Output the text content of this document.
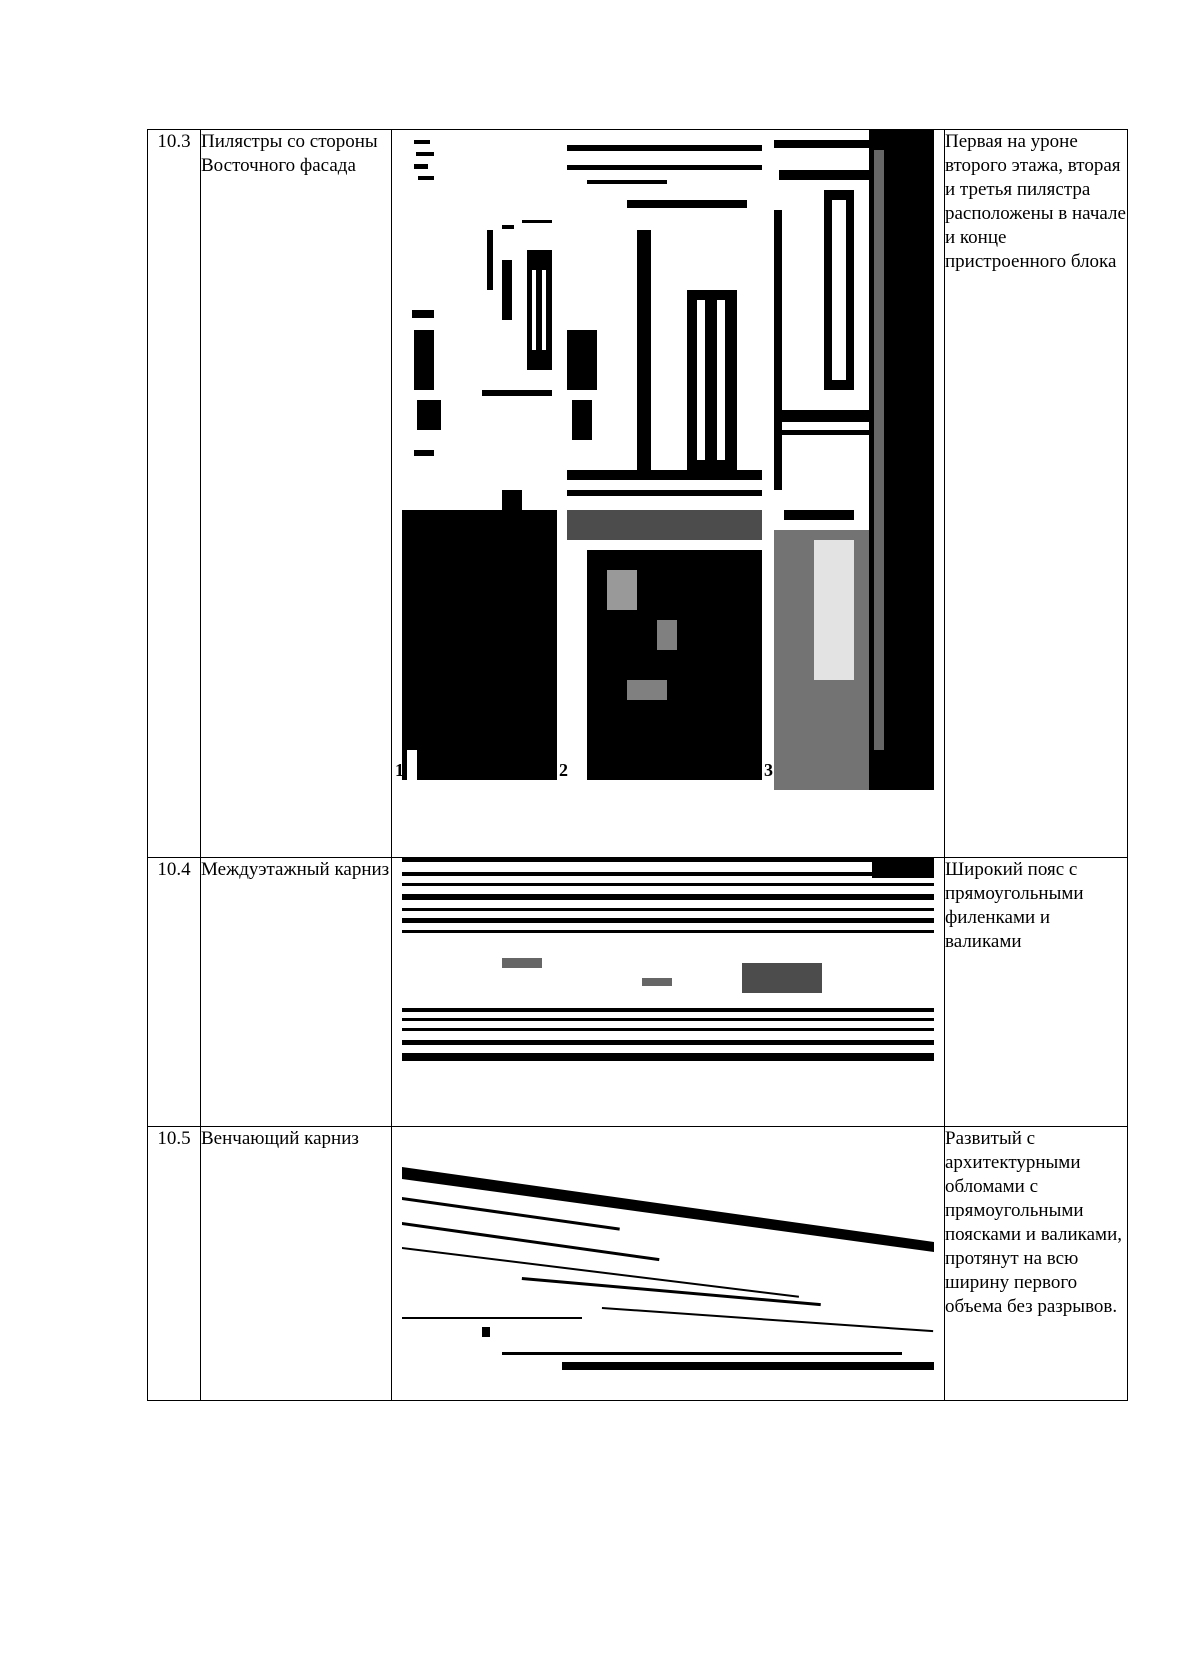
10.3	Пилястры со стороны Восточного фасада	1 2 3	Первая на уроне второго этажа, вторая и третья пилястра расположены в начале и конце пристроенного блока
10.4	Междуэтажный карниз		Широкий пояс с прямоугольными филенками и валиками
10.5	Венчающий карниз		Развитый с архитектурными обломами с прямоугольными поясками и валиками, протянут на всю ширину первого объема без разрывов.
